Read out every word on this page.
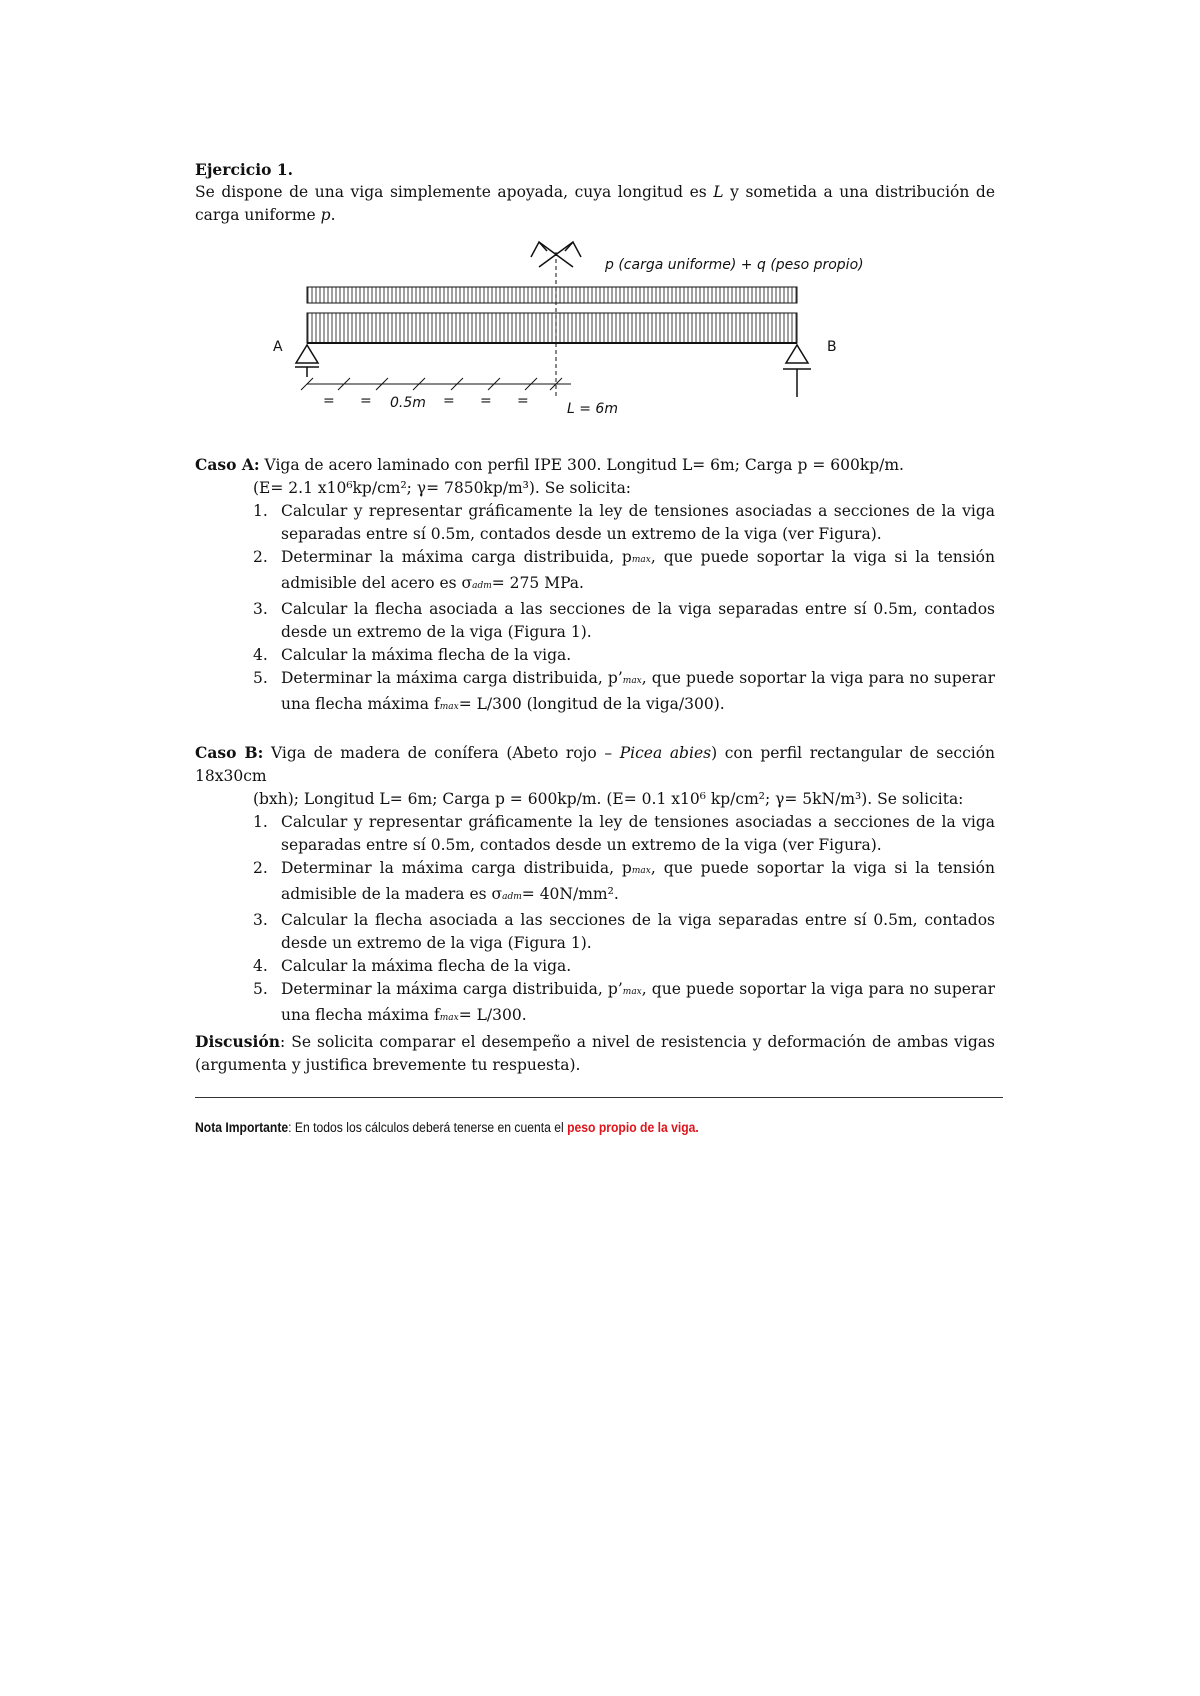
Ejercicio 1.

Se dispone de una viga simplemente apoyada, cuya longitud es L y sometida a una distribución de carga uniforme p.

p (carga uniforme) + q (peso propio)
A	B
= = 0.5m = = =	L = 6m

Caso A: Viga de acero laminado con perfil IPE 300. Longitud L= 6m; Carga p = 600kp/m.

(E= 2.1 x10⁶kp/cm²; γ= 7850kp/m³). Se solicita:

1. Calcular y representar gráficamente la ley de tensiones asociadas a secciones de la viga separadas entre sí 0.5m, contados desde un extremo de la viga (ver Figura).
2. Determinar la máxima carga distribuida, pmax, que puede soportar la viga si la tensión admisible del acero es σadm= 275 MPa.
3. Calcular la flecha asociada a las secciones de la viga separadas entre sí 0.5m, contados desde un extremo de la viga (Figura 1).
4. Calcular la máxima flecha de la viga.
5. Determinar la máxima carga distribuida, p’max, que puede soportar la viga para no superar una flecha máxima fmax= L/300 (longitud de la viga/300).

Caso B: Viga de madera de conífera (Abeto rojo – Picea abies) con perfil rectangular de sección 18x30cm

(bxh); Longitud L= 6m; Carga p = 600kp/m. (E= 0.1 x10⁶ kp/cm²; γ= 5kN/m³). Se solicita:

1. Calcular y representar gráficamente la ley de tensiones asociadas a secciones de la viga separadas entre sí 0.5m, contados desde un extremo de la viga (ver Figura).
2. Determinar la máxima carga distribuida, pmax, que puede soportar la viga si la tensión admisible de la madera es σadm= 40N/mm².
3. Calcular la flecha asociada a las secciones de la viga separadas entre sí 0.5m, contados desde un extremo de la viga (Figura 1).
4. Calcular la máxima flecha de la viga.
5. Determinar la máxima carga distribuida, p’max, que puede soportar la viga para no superar una flecha máxima fmax= L/300.

Discusión: Se solicita comparar el desempeño a nivel de resistencia y deformación de ambas vigas (argumenta y justifica brevemente tu respuesta).

Nota Importante: En todos los cálculos deberá tenerse en cuenta el peso propio de la viga.
